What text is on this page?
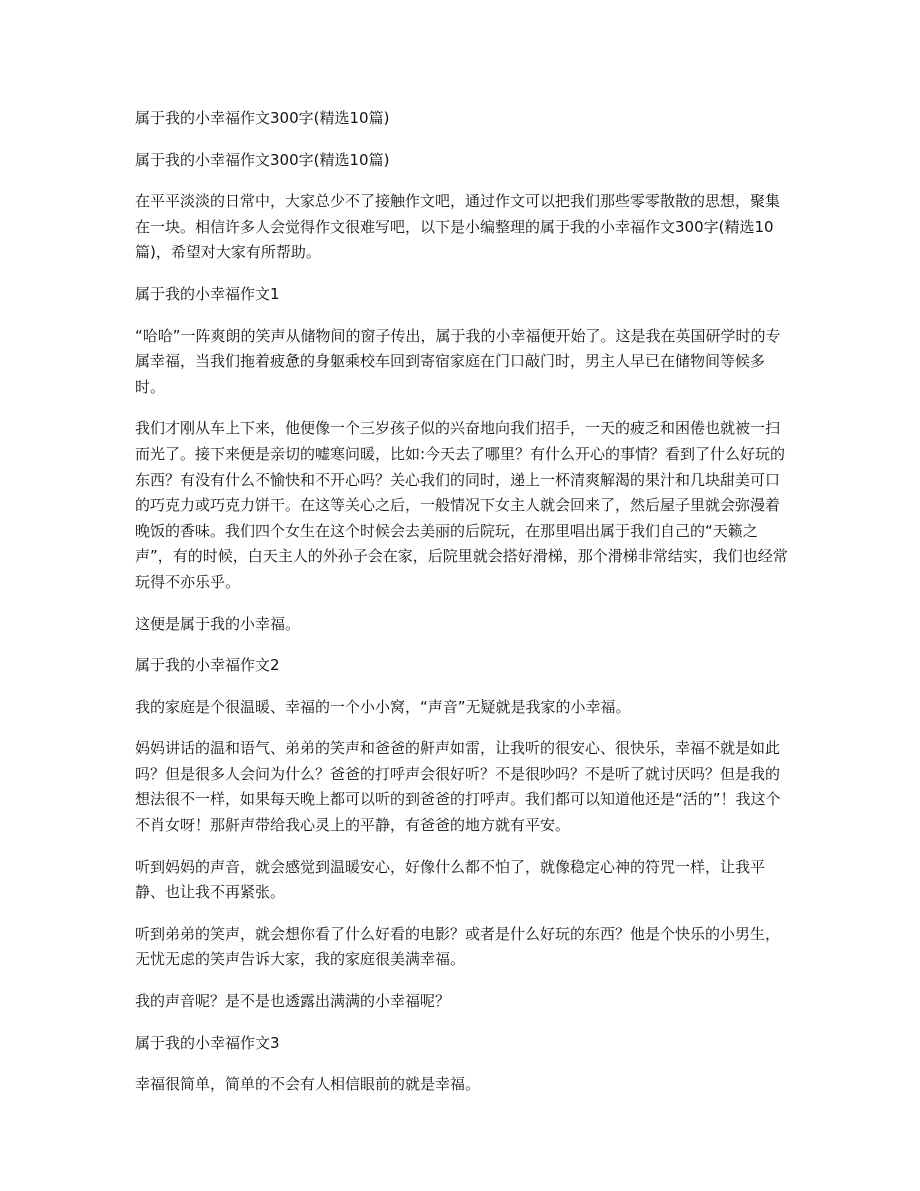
属于我的小幸福作文300字(精选10篇)

属于我的小幸福作文300字(精选10篇)

在平平淡淡的日常中，大家总少不了接触作文吧，通过作文可以把我们那些零零散散的思想，聚集在一块。相信许多人会觉得作文很难写吧，以下是小编整理的属于我的小幸福作文300字(精选10篇)，希望对大家有所帮助。

属于我的小幸福作文1

“哈哈”一阵爽朗的笑声从储物间的窗子传出，属于我的小幸福便开始了。这是我在英国研学时的专属幸福，当我们拖着疲惫的身躯乘校车回到寄宿家庭在门口敲门时，男主人早已在储物间等候多时。

我们才刚从车上下来，他便像一个三岁孩子似的兴奋地向我们招手，一天的疲乏和困倦也就被一扫而光了。接下来便是亲切的嘘寒问暖，比如:今天去了哪里？有什么开心的事情？看到了什么好玩的东西？有没有什么不愉快和不开心吗？关心我们的同时，递上一杯清爽解渴的果汁和几块甜美可口的巧克力或巧克力饼干。在这等关心之后，一般情况下女主人就会回来了，然后屋子里就会弥漫着晚饭的香味。我们四个女生在这个时候会去美丽的后院玩，在那里唱出属于我们自己的“天籁之声”，有的时候，白天主人的外孙子会在家，后院里就会搭好滑梯，那个滑梯非常结实，我们也经常玩得不亦乐乎。

这便是属于我的小幸福。

属于我的小幸福作文2

我的家庭是个很温暖、幸福的一个小小窝，“声音”无疑就是我家的小幸福。

妈妈讲话的温和语气、弟弟的笑声和爸爸的鼾声如雷，让我听的很安心、很快乐，幸福不就是如此吗？但是很多人会问为什么？爸爸的打呼声会很好听？不是很吵吗？不是听了就讨厌吗？但是我的想法很不一样，如果每天晚上都可以听的到爸爸的打呼声。我们都可以知道他还是“活的”！我这个不肖女呀！那鼾声带给我心灵上的平静，有爸爸的地方就有平安。

听到妈妈的声音，就会感觉到温暖安心，好像什么都不怕了，就像稳定心神的符咒一样，让我平静、也让我不再紧张。

听到弟弟的笑声，就会想你看了什么好看的电影？或者是什么好玩的东西？他是个快乐的小男生，无忧无虑的笑声告诉大家，我的家庭很美满幸福。

我的声音呢？是不是也透露出满满的小幸福呢？

属于我的小幸福作文3

幸福很简单，简单的不会有人相信眼前的就是幸福。
